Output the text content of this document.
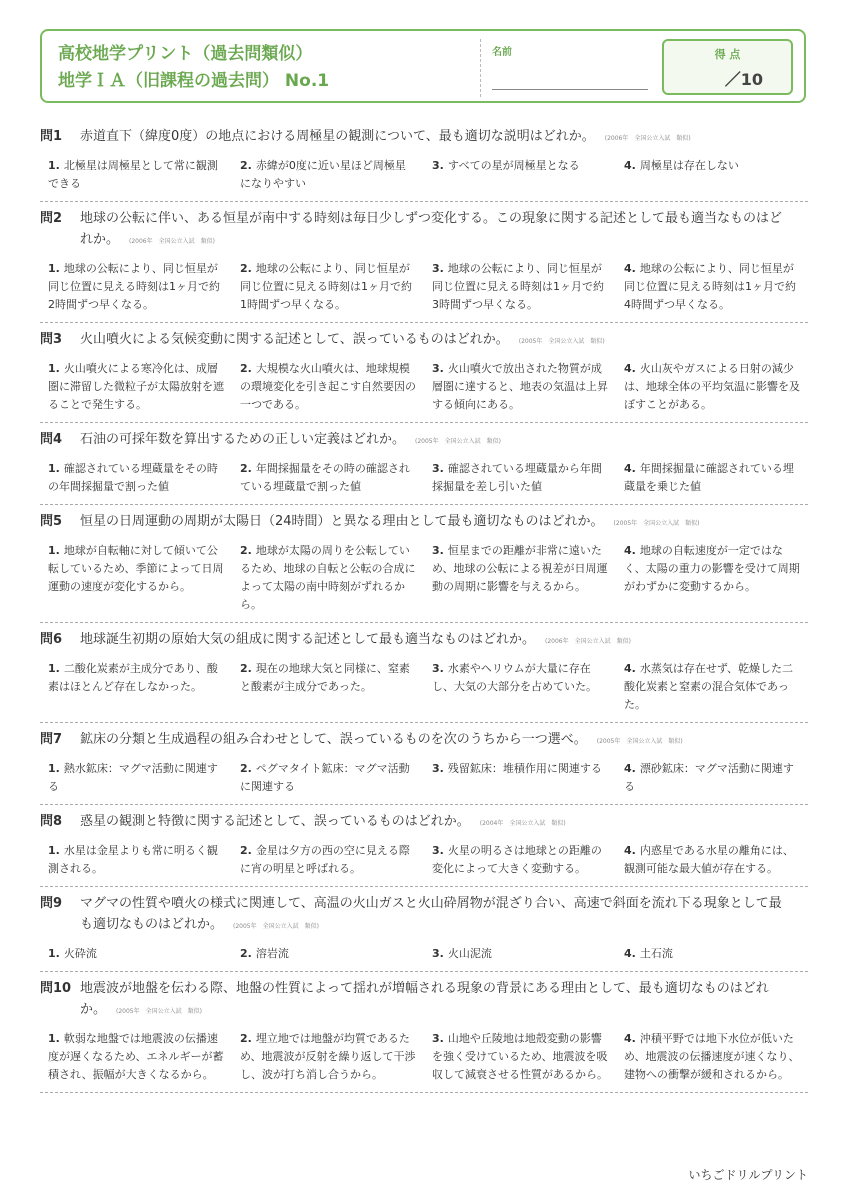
高校地学プリント（過去問類似）
地学ＩＡ（旧課程の過去問） No.1
名前	得 点
／10
問1	赤道直下（緯度0度）の地点における周極星の観測について、最も適切な説明はどれか。 (2006年　全国公立入試　類似)
1. 北極星は周極星として常に観測できる
2. 赤緯が0度に近い星ほど周極星になりやすい
3. すべての星が周極星となる	4. 周極星は存在しない
問2	地球の公転に伴い、ある恒星が南中する時刻は毎日少しずつ変化する。この現象に関する記述として最も適当なものはどれか。 (2006年　全国公立入試　類似)
1. 地球の公転により、同じ恒星が同じ位置に見える時刻は1ヶ月で約2時間ずつ早くなる。
2. 地球の公転により、同じ恒星が同じ位置に見える時刻は1ヶ月で約1時間ずつ早くなる。
3. 地球の公転により、同じ恒星が同じ位置に見える時刻は1ヶ月で約3時間ずつ早くなる。
4. 地球の公転により、同じ恒星が同じ位置に見える時刻は1ヶ月で約4時間ずつ早くなる。
問3	火山噴火による気候変動に関する記述として、誤っているものはどれか。 (2005年　全国公立入試　類似)
1. 火山噴火による寒冷化は、成層圏に滞留した微粒子が太陽放射を遮ることで発生する。
2. 大規模な火山噴火は、地球規模の環境変化を引き起こす自然要因の一つである。
3. 火山噴火で放出された物質が成層圏に達すると、地表の気温は上昇する傾向にある。
4. 火山灰やガスによる日射の減少は、地球全体の平均気温に影響を及ぼすことがある。
問4	石油の可採年数を算出するための正しい定義はどれか。 (2005年　全国公立入試　類似)
1. 確認されている埋蔵量をその時の年間採掘量で割った値
2. 年間採掘量をその時の確認されている埋蔵量で割った値
3. 確認されている埋蔵量から年間採掘量を差し引いた値
4. 年間採掘量に確認されている埋蔵量を乗じた値
問5	恒星の日周運動の周期が太陽日（24時間）と異なる理由として最も適切なものはどれか。 (2005年　全国公立入試　類似)
1. 地球が自転軸に対して傾いて公転しているため、季節によって日周運動の速度が変化するから。
2. 地球が太陽の周りを公転しているため、地球の自転と公転の合成によって太陽の南中時刻がずれるから。
3. 恒星までの距離が非常に遠いため、地球の公転による視差が日周運動の周期に影響を与えるから。
4. 地球の自転速度が一定ではなく、太陽の重力の影響を受けて周期がわずかに変動するから。
問6	地球誕生初期の原始大気の組成に関する記述として最も適当なものはどれか。 (2006年　全国公立入試　類似)
1. 二酸化炭素が主成分であり、酸素はほとんど存在しなかった。
2. 現在の地球大気と同様に、窒素と酸素が主成分であった。
3. 水素やヘリウムが大量に存在し、大気の大部分を占めていた。
4. 水蒸気は存在せず、乾燥した二酸化炭素と窒素の混合気体であった。
問7	鉱床の分類と生成過程の組み合わせとして、誤っているものを次のうちから一つ選べ。 (2005年　全国公立入試　類似)
1. 熱水鉱床：マグマ活動に関連する
2. ペグマタイト鉱床：マグマ活動に関連する
3. 残留鉱床：堆積作用に関連する	4. 漂砂鉱床：マグマ活動に関連する
問8	惑星の観測と特徴に関する記述として、誤っているものはどれか。 (2004年　全国公立入試　類似)
1. 水星は金星よりも常に明るく観測される。
2. 金星は夕方の西の空に見える際に宵の明星と呼ばれる。
3. 火星の明るさは地球との距離の変化によって大きく変動する。
4. 内惑星である水星の離角には、観測可能な最大値が存在する。
問9	マグマの性質や噴火の様式に関連して、高温の火山ガスと火山砕屑物が混ざり合い、高速で斜面を流れ下る現象として最も適切なものはどれか。 (2005年　全国公立入試　類似)
1. 火砕流	2. 溶岩流	3. 火山泥流	4. 土石流
問10 地震波が地盤を伝わる際、地盤の性質によって揺れが増幅される現象の背景にある理由として、最も適切なものはどれか。 (2005年　全国公立入試　類似)
1. 軟弱な地盤では地震波の伝播速度が遅くなるため、エネルギーが蓄積され、振幅が大きくなるから。
2. 埋立地では地盤が均質であるため、地震波が反射を繰り返して干渉し、波が打ち消し合うから。
3. 山地や丘陵地は地殻変動の影響を強く受けているため、地震波を吸収して減衰させる性質があるから。
4. 沖積平野では地下水位が低いため、地震波の伝播速度が速くなり、建物への衝撃が緩和されるから。
いちごドリルプリント
